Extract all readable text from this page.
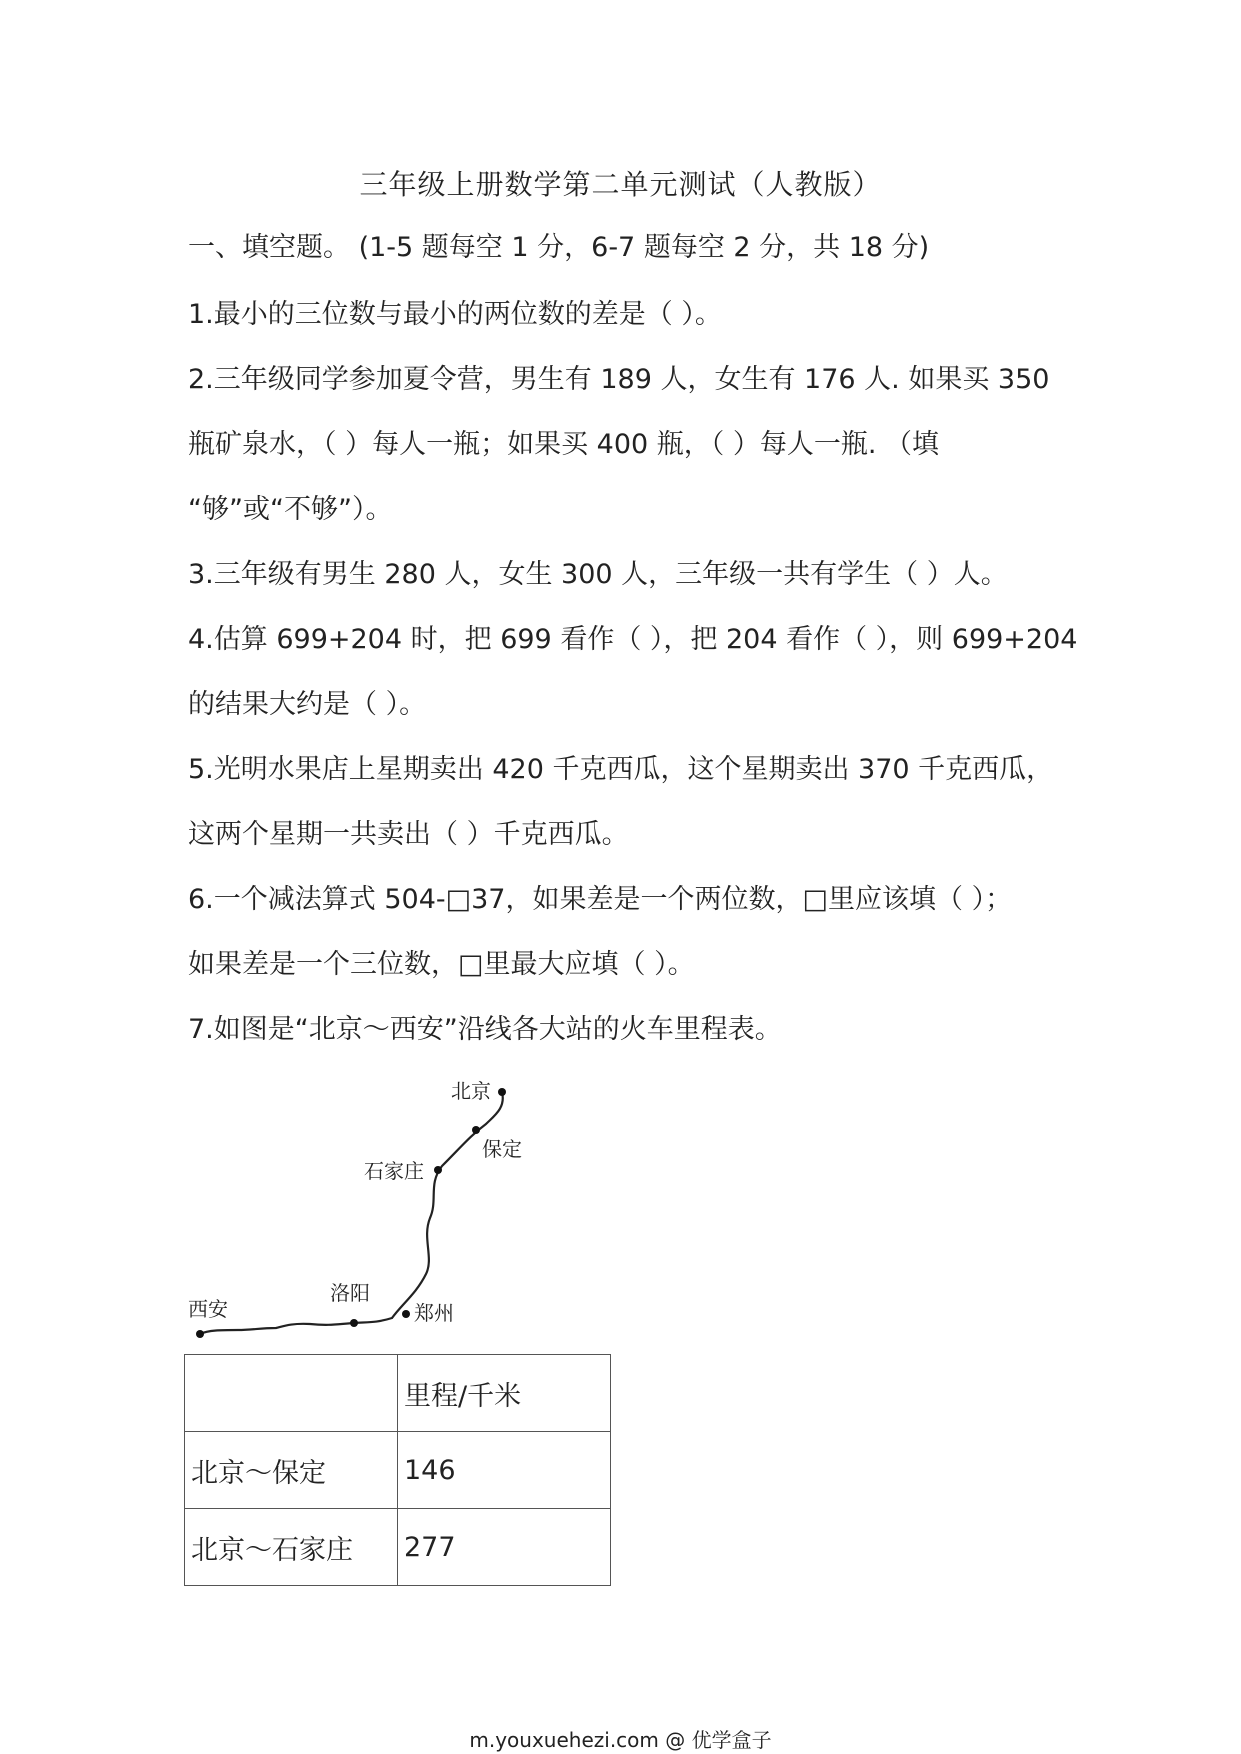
三年级上册数学第二单元测试（人教版）
一、填空题。 (1-5 题每空 1 分，6-7 题每空 2 分，共 18 分)
1.最小的三位数与最小的两位数的差是（ ）。
2.三年级同学参加夏令营，男生有 189 人，女生有 176 人. 如果买 350
瓶矿泉水，（ ）每人一瓶；如果买 400 瓶，（ ）每人一瓶. （填
“够”或“不够”）。
3.三年级有男生 280 人，女生 300 人，三年级一共有学生（ ）人。
4.估算 699+204 时，把 699 看作（ ），把 204 看作（ ），则 699+204
的结果大约是（ ）。
5.光明水果店上星期卖出 420 千克西瓜，这个星期卖出 370 千克西瓜，
这两个星期一共卖出（ ）千克西瓜。
6.一个减法算式 504-□37，如果差是一个两位数，□里应该填（ ）；
如果差是一个三位数，□里最大应填（ ）。
7.如图是“北京～西安”沿线各大站的火车里程表。
北京
保定
石家庄
郑州
洛阳
西安
	里程/千米
北京～保定	146
北京～石家庄	277
m.youxuehezi.com @ 优学盒子
